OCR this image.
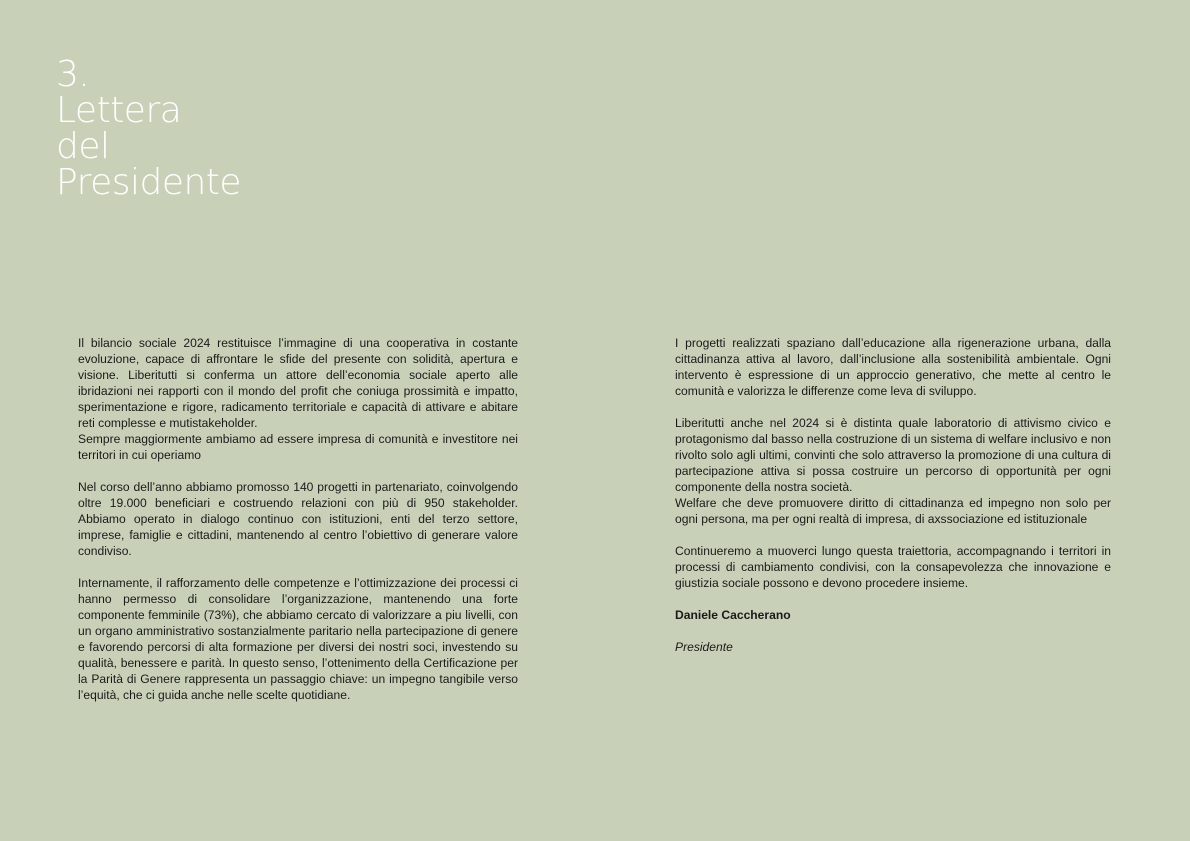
3.
Lettera
del
Presidente

Il bilancio sociale 2024 restituisce l’immagine di una cooperativa in costante evoluzione, capace di affrontare le sfide del presente con solidità, apertura e visione. Liberitutti si conferma un attore dell’economia sociale aperto alle ibridazioni nei rapporti con il mondo del profit che coniuga prossimità e impatto, sperimentazione e rigore, radicamento territoriale e capacità di attivare e abitare reti complesse e mutistakeholder.

Sempre maggiormente ambiamo ad essere impresa di comunità e investitore nei territori in cui operiamo

Nel corso dell’anno abbiamo promosso 140 progetti in partenariato, coinvolgendo oltre 19.000 beneficiari e costruendo relazioni con più di 950 stakeholder. Abbiamo operato in dialogo continuo con istituzioni, enti del terzo settore, imprese, famiglie e cittadini, mantenendo al centro l’obiettivo di generare valore condiviso.

Internamente, il rafforzamento delle competenze e l’ottimizzazione dei processi ci hanno permesso di consolidare l’organizzazione, mantenendo una forte componente femminile (73%), che abbiamo cercato di valorizzare a piu livelli, con un organo amministrativo sostanzialmente paritario nella partecipazione di genere e favorendo percorsi di alta formazione per diversi dei nostri soci, investendo su qualità, benessere e parità. In questo senso, l’ottenimento della Certificazione per la Parità di Genere rappresenta un passaggio chiave: un impegno tangibile verso l’equità, che ci guida anche nelle scelte quotidiane.

I progetti realizzati spaziano dall’educazione alla rigenerazione urbana, dalla cittadinanza attiva al lavoro, dall’inclusione alla sostenibilità ambientale. Ogni intervento è espressione di un approccio generativo, che mette al centro le comunità e valorizza le differenze come leva di sviluppo.

Liberitutti anche nel 2024 si è distinta quale laboratorio di attivismo civico e protagonismo dal basso nella costruzione di un sistema di welfare inclusivo e non rivolto solo agli ultimi, convinti che solo attraverso la promozione di una cultura di partecipazione attiva si possa costruire un percorso di opportunità per ogni componente della nostra società.

Welfare che deve promuovere diritto di cittadinanza ed impegno non solo per ogni persona, ma per ogni realtà di impresa, di axssociazione ed istituzionale

Continueremo a muoverci lungo questa traiettoria, accompagnando i territori in processi di cambiamento condivisi, con la consapevolezza che innovazione e giustizia sociale possono e devono procedere insieme.

Daniele Caccherano

Presidente
